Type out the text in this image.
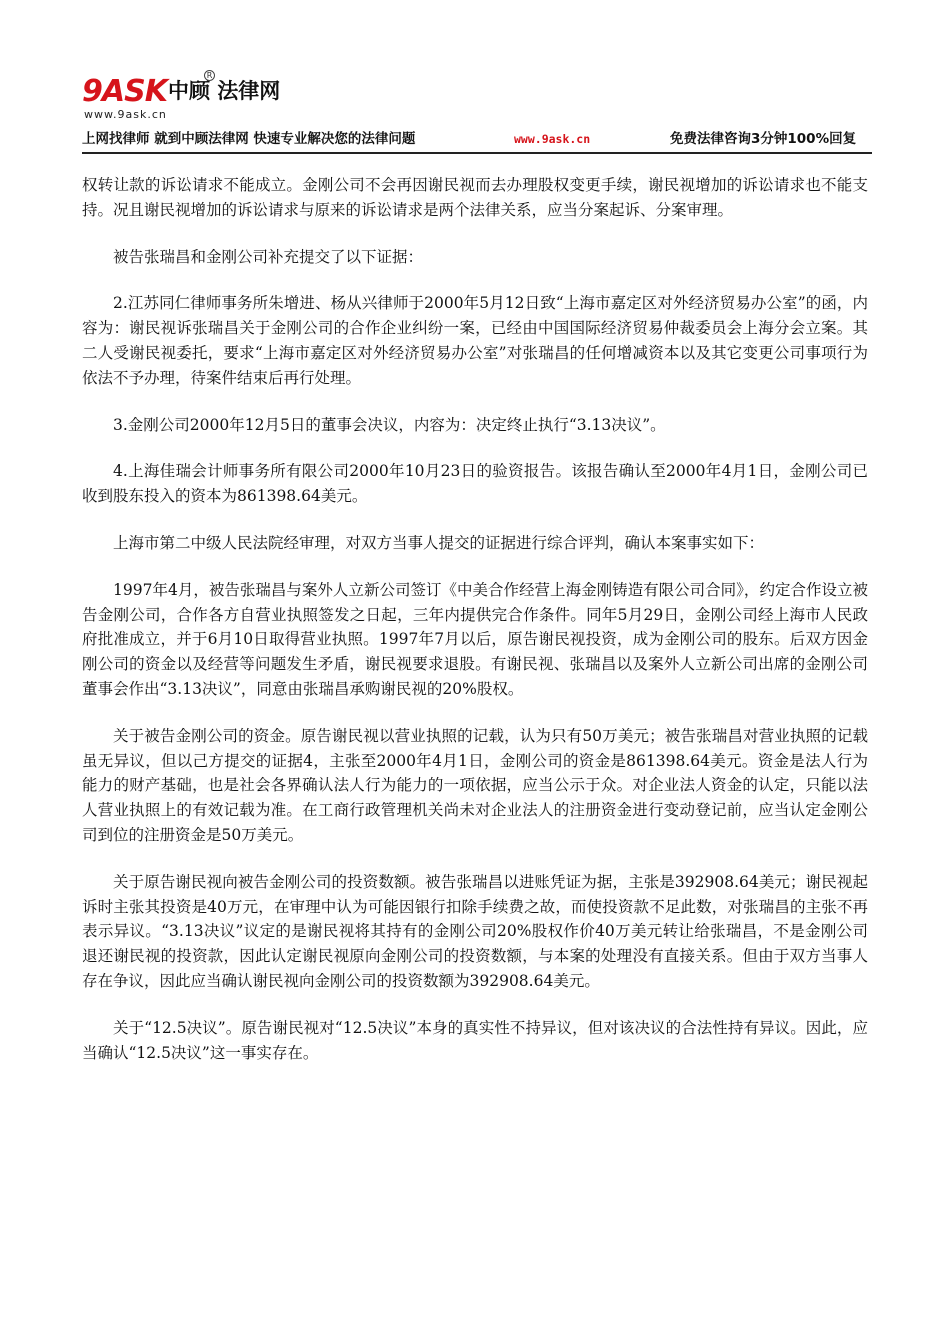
9ASK 中顾 法律网
R
www.9ask.cn
上网找律师 就到中顾法律网 快速专业解决您的法律问题	www.9ask.cn	免费法律咨询3分钟100%回复

权转让款的诉讼请求不能成立。金刚公司不会再因谢民视而去办理股权变更手续，谢民视增加的诉讼请求也不能支持。况且谢民视增加的诉讼请求与原来的诉讼请求是两个法律关系，应当分案起诉、分案审理。

被告张瑞昌和金刚公司补充提交了以下证据：

2.江苏同仁律师事务所朱增进、杨从兴律师于2000年5月12日致“上海市嘉定区对外经济贸易办公室”的函，内容为：谢民视诉张瑞昌关于金刚公司的合作企业纠纷一案，已经由中国国际经济贸易仲裁委员会上海分会立案。其二人受谢民视委托，要求“上海市嘉定区对外经济贸易办公室”对张瑞昌的任何增减资本以及其它变更公司事项行为依法不予办理，待案件结束后再行处理。

3.金刚公司2000年12月5日的董事会决议，内容为：决定终止执行“3.13决议”。

4.上海佳瑞会计师事务所有限公司2000年10月23日的验资报告。该报告确认至2000年4月1日，金刚公司已收到股东投入的资本为861398.64美元。

上海市第二中级人民法院经审理，对双方当事人提交的证据进行综合评判，确认本案事实如下：

1997年4月，被告张瑞昌与案外人立新公司签订《中美合作经营上海金刚铸造有限公司合同》，约定合作设立被告金刚公司，合作各方自营业执照签发之日起，三年内提供完合作条件。同年5月29日，金刚公司经上海市人民政府批准成立，并于6月10日取得营业执照。1997年7月以后，原告谢民视投资，成为金刚公司的股东。后双方因金刚公司的资金以及经营等问题发生矛盾，谢民视要求退股。有谢民视、张瑞昌以及案外人立新公司出席的金刚公司董事会作出“3.13决议”，同意由张瑞昌承购谢民视的20%股权。

关于被告金刚公司的资金。原告谢民视以营业执照的记载，认为只有50万美元；被告张瑞昌对营业执照的记载虽无异议，但以己方提交的证据4，主张至2000年4月1日，金刚公司的资金是861398.64美元。资金是法人行为能力的财产基础，也是社会各界确认法人行为能力的一项依据，应当公示于众。对企业法人资金的认定，只能以法人营业执照上的有效记载为准。在工商行政管理机关尚未对企业法人的注册资金进行变动登记前，应当认定金刚公司到位的注册资金是50万美元。

关于原告谢民视向被告金刚公司的投资数额。被告张瑞昌以进账凭证为据，主张是392908.64美元；谢民视起诉时主张其投资是40万元，在审理中认为可能因银行扣除手续费之故，而使投资款不足此数，对张瑞昌的主张不再表示异议。“3.13决议”议定的是谢民视将其持有的金刚公司20%股权作价40万美元转让给张瑞昌，不是金刚公司退还谢民视的投资款，因此认定谢民视原向金刚公司的投资数额，与本案的处理没有直接关系。但由于双方当事人存在争议，因此应当确认谢民视向金刚公司的投资数额为392908.64美元。

关于“12.5决议”。原告谢民视对“12.5决议”本身的真实性不持异议，但对该决议的合法性持有异议。因此，应当确认“12.5决议”这一事实存在。
